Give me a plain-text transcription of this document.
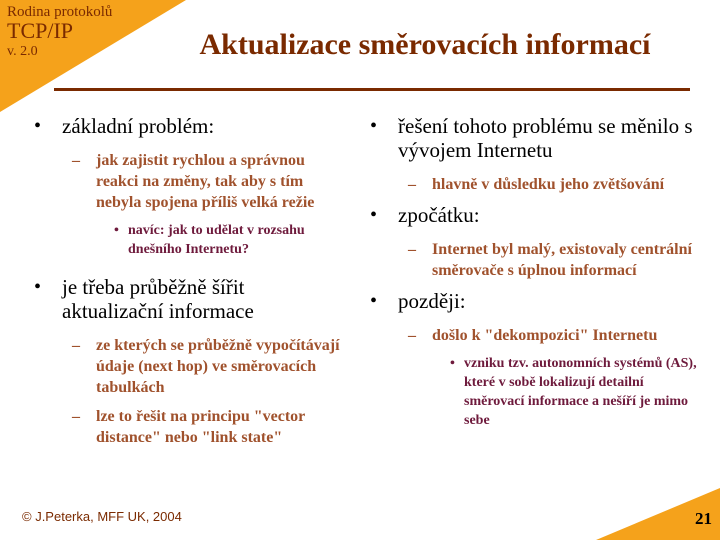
Rodina protokolů
TCP/IP
v. 2.0	Aktualizace směrovacích informací
• základní problém:
– jak zajistit rychlou a správnou reakci na změny, tak aby s tím nebyla spojena příliš velká režie
• navíc: jak to udělat v rozsahu dnešního Internetu?
• je třeba průběžně šířit aktualizační informace
– ze kterých se průběžně vypočítávají údaje (next hop) ve směrovacích tabulkách
– lze to řešit na principu "vector distance" nebo "link state"
• řešení tohoto problému se měnilo s vývojem Internetu
– hlavně v důsledku jeho zvětšování
• zpočátku:
– Internet byl malý, existovaly centrální směrovače s úplnou informací
• později:
– došlo k "dekompozici" Internetu
• vzniku tzv. autonomních systémů (AS), které v sobě lokalizují detailní směrovací informace a nešíří je mimo sebe
© J.Peterka, MFF UK, 2004	21
